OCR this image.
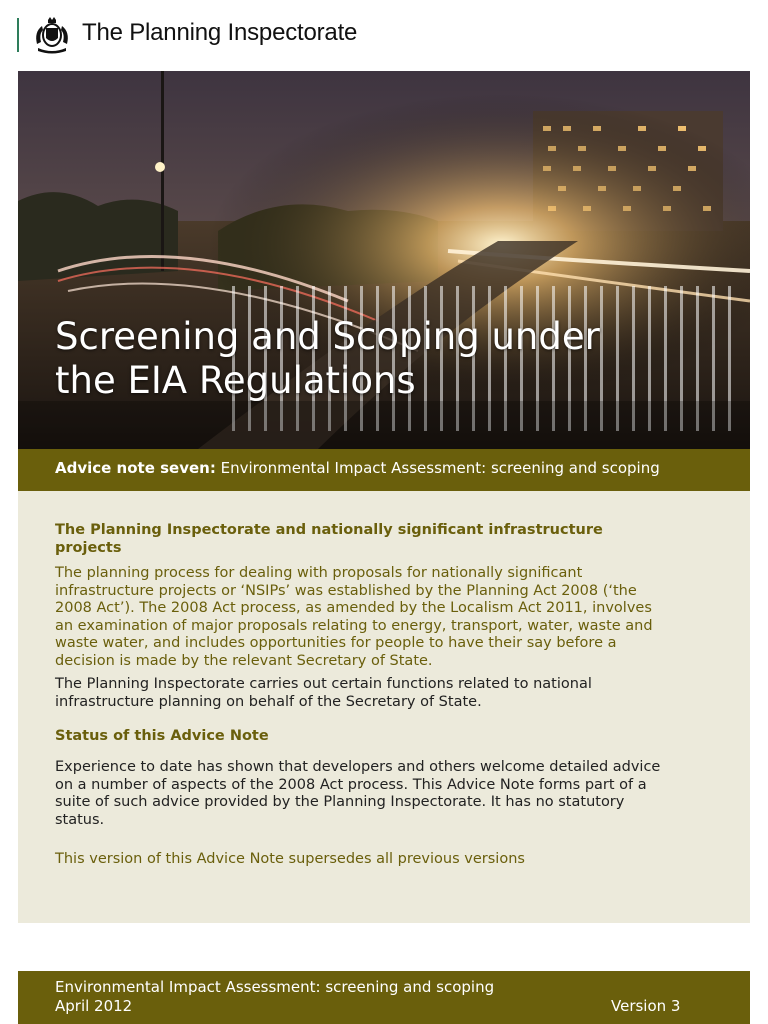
The Planning Inspectorate
Screening and Scoping under
the EIA Regulations
Advice note seven: Environmental Impact Assessment: screening and scoping
The Planning Inspectorate and nationally significant infrastructure projects
The planning process for dealing with proposals for nationally significant infrastructure projects or ‘NSIPs’ was established by the Planning Act 2008 (‘the 2008 Act’). The 2008 Act process, as amended by the Localism Act 2011, involves an examination of major proposals relating to energy, transport, water, waste and waste water, and includes opportunities for people to have their say before a decision is made by the relevant Secretary of State.
The Planning Inspectorate carries out certain functions related to national infrastructure planning on behalf of the Secretary of State.
Status of this Advice Note
Experience to date has shown that developers and others welcome detailed advice on a number of aspects of the 2008 Act process. This Advice Note forms part of a suite of such advice provided by the Planning Inspectorate. It has no statutory status.
This version of this Advice Note supersedes all previous versions
Environmental Impact Assessment: screening and scoping
April 2012	Version 3
